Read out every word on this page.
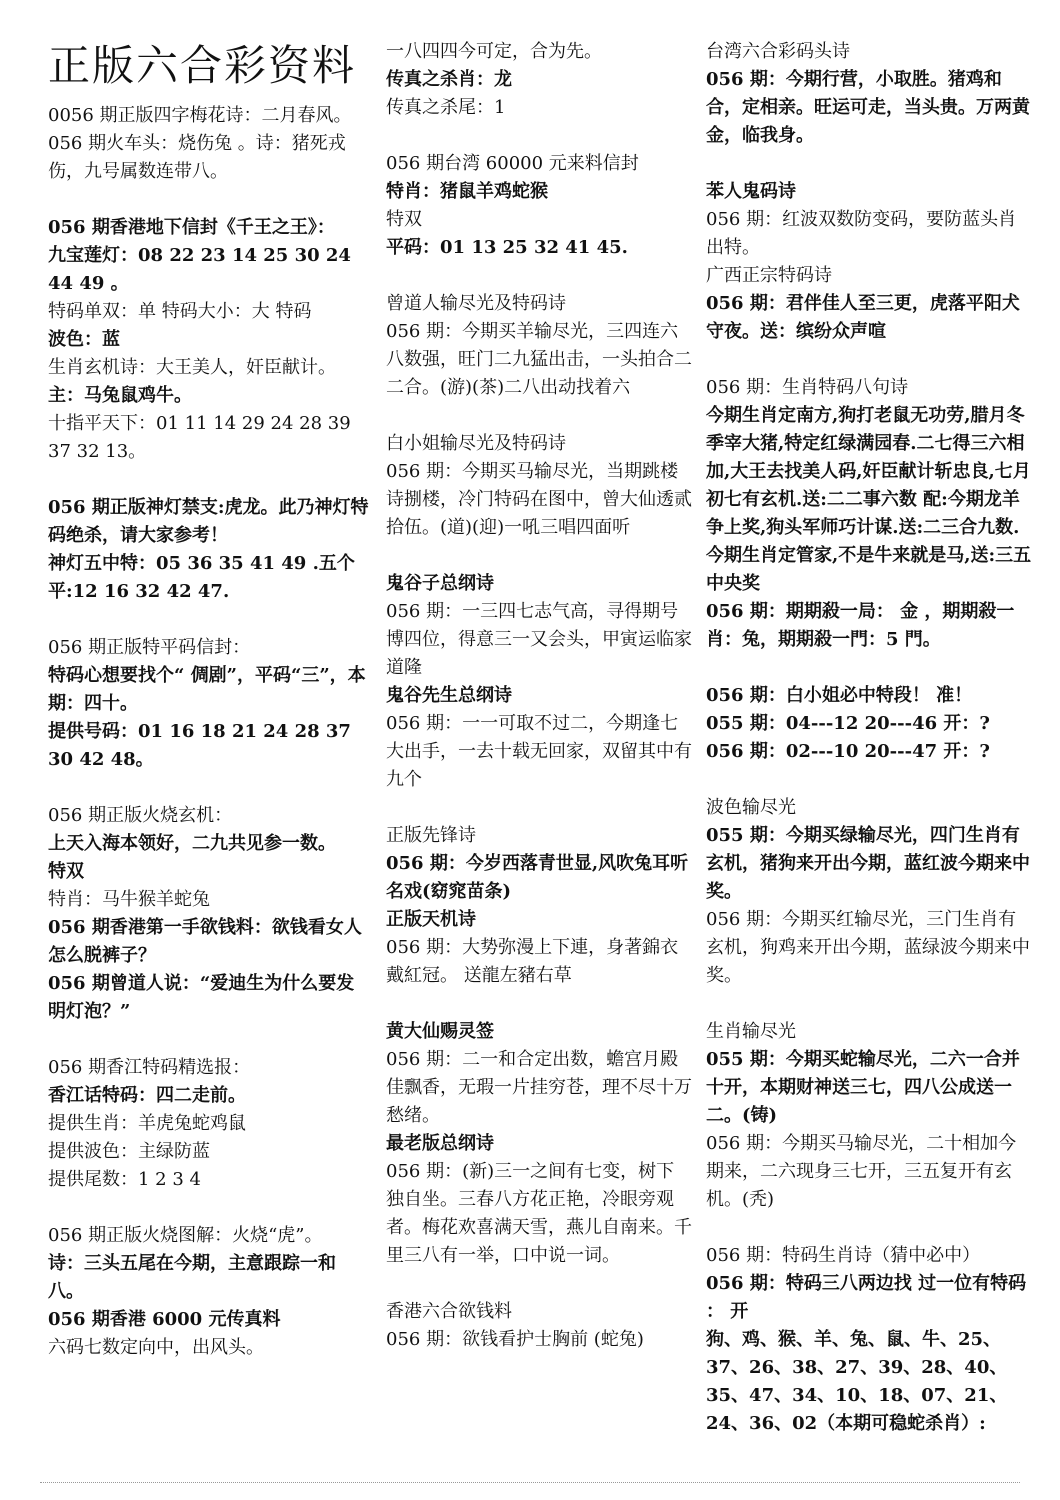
正版六合彩资料

0056 期正版四字梅花诗：二月春风。

056 期火车头：烧伤兔 。诗：猪死戎伤，九号属数连带八。

056 期香港地下信封《千王之王》：

九宝莲灯：08 22 23 14 25 30 24 44 49 。

特码单双：单 特码大小：大 特码

波色：蓝

生肖玄机诗：大王美人，奸臣献计。

主：马兔鼠鸡牛。

十指平天下：01 11 14 29 24 28 39 37 32 13。

056 期正版神灯禁支:虎龙。此乃神灯特码绝杀，请大家参考！

神灯五中特：05 36 35 41 49 .五个平:12 16 32 42 47.

056 期正版特平码信封：

特码心想要找个“ 倜剧”，平码“三”，本期：四十。

提供号码：01 16 18 21 24 28 37 30 42 48。

056 期正版火烧玄机：

上天入海本领好，二九共见参一数。

特双

特肖：马牛猴羊蛇兔

056 期香港第一手欲钱料：欲钱看女人怎么脱裤子？

056 期曾道人说：“爱迪生为什么要发明灯泡？”

056 期香江特码精选报：

香江话特码：四二走前。

提供生肖：羊虎兔蛇鸡鼠

提供波色：主绿防蓝

提供尾数：1 2 3 4

056 期正版火烧图解：火烧“虎”。

诗：三头五尾在今期，主意跟踪一和八。

056 期香港 6000 元传真料

六码七数定向中，出风头。

一八四四今可定，合为先。

传真之杀肖：龙

传真之杀尾：1

056 期台湾 60000 元来料信封

特肖：猪鼠羊鸡蛇猴

特双

平码：01 13 25 32 41 45.

曾道人输尽光及特码诗

056 期：今期买羊输尽光，三四连六八数强，旺门二九猛出击，一头拍合二二合。(游)(茶)二八出动找着六

白小姐输尽光及特码诗

056 期：今期买马输尽光，当期跳楼诗捌楼，冷门特码在图中，曾大仙透贰拾伍。(道)(迎)一吼三唱四面听

鬼谷子总纲诗

056 期：一三四七志气高，寻得期号博四位，得意三一又会头，甲寅运临家道隆

鬼谷先生总纲诗

056 期：一一可取不过二，今期逢七大出手，一去十载无回家，双留其中有九个

正版先锋诗

056 期：今岁西落青世显,风吹兔耳听名戏(窈窕苗条)

正版天机诗

056 期：大势弥漫上下連，身著錦衣戴紅冠。 送龍左豬右草

黄大仙赐灵签

056 期：二一和合定出数，蟾宫月殿佳飘香，无瑕一片挂穷苍，理不尽十万愁绪。

最老版总纲诗

056 期：(新)三一之间有七变，树下独自坐。三春八方花正艳，冷眼旁观者。梅花欢喜满天雪，燕儿自南来。千里三八有一举，口中说一词。

香港六合欲钱料

056 期：欲钱看护士胸前 (蛇兔)

台湾六合彩码头诗

056 期：今期行营，小取胜。猪鸡和合，定相亲。旺运可走，当头贵。万两黄金，临我身。

苯人鬼码诗

056 期：红波双数防变码，要防蓝头肖出特。

广西正宗特码诗

056 期：君伴佳人至三更，虎落平阳犬守夜。送：缤纷众声喧

056 期：生肖特码八句诗

今期生肖定南方,狗打老鼠无功劳,腊月冬季宰大猪,特定红绿满园春.二七得三六相加,大王去找美人码,奸臣献计斩忠良,七月初七有玄机.送:二二事六数 配:今期龙羊争上奖,狗头军师巧计谋.送:二三合九数.今期生肖定管家,不是牛来就是马,送:三五中央奖

056 期：期期殺一局： 金 ，期期殺一肖：兔，期期殺一門：5 門。

056 期：白小姐必中特段！ 准！

055 期：04---12 20---46 开：?

056 期：02---10 20---47 开：?

波色输尽光

055 期：今期买绿输尽光，四门生肖有玄机，猪狗来开出今期，蓝红波今期来中奖。

056 期：今期买红输尽光，三门生肖有玄机，狗鸡来开出今期，蓝绿波今期来中奖。

生肖输尽光

055 期：今期买蛇输尽光，二六一合并十开，本期财神送三七，四八公成送一二。(铸)

056 期：今期买马输尽光，二十相加今期来，二六现身三七开，三五复开有玄机。(秃)

056 期：特码生肖诗（猜中必中）

056 期：特码三八两边找 过一位有特码 ： 开

狗、鸡、猴、羊、兔、鼠、牛、25、37、26、38、27、39、28、40、35、47、34、10、18、07、21、24、36、02（本期可稳蛇杀肖）:
